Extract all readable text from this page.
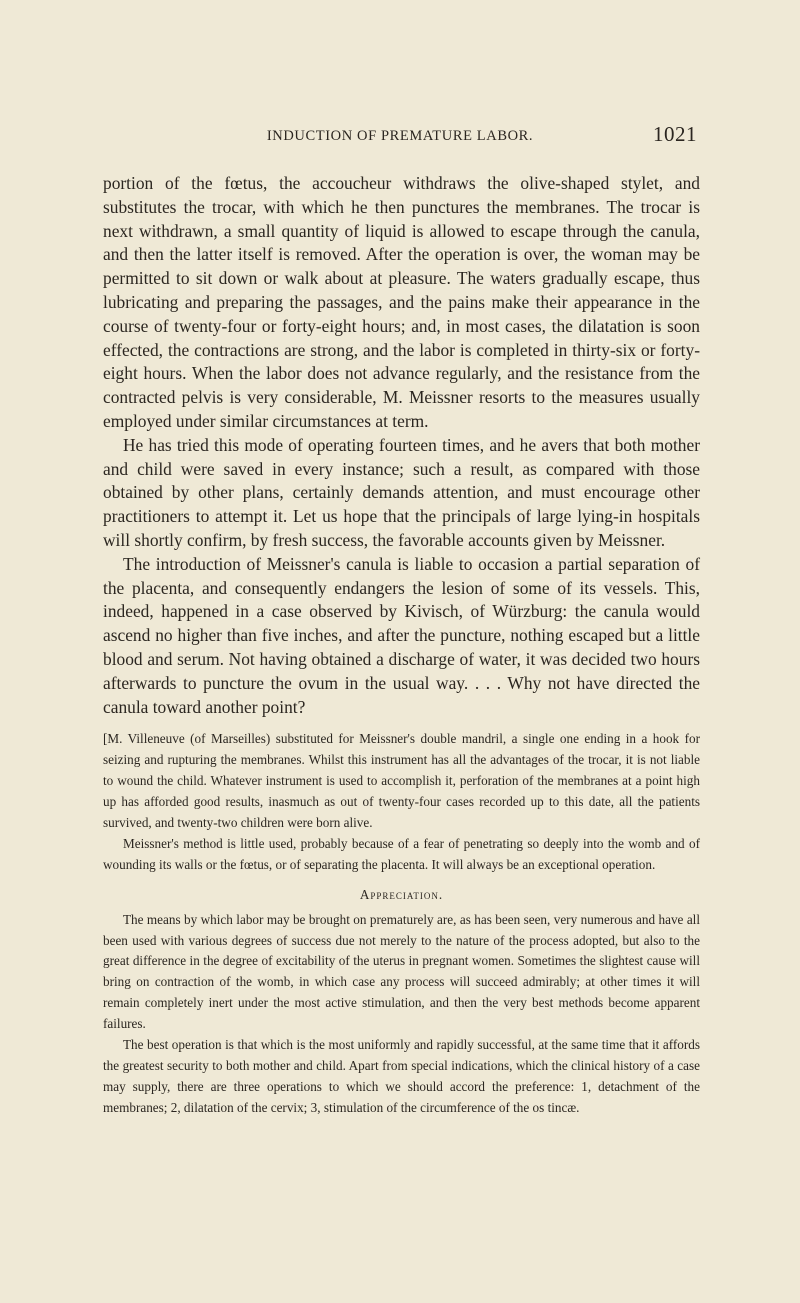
INDUCTION OF PREMATURE LABOR.	1021

portion of the fœtus, the accoucheur withdraws the olive-shaped stylet, and substitutes the trocar, with which he then punctures the membranes. The trocar is next withdrawn, a small quantity of liquid is allowed to escape through the canula, and then the latter itself is removed. After the operation is over, the woman may be permitted to sit down or walk about at pleasure. The waters gradually escape, thus lubricating and preparing the passages, and the pains make their appearance in the course of twenty-four or forty-eight hours; and, in most cases, the dilatation is soon effected, the contractions are strong, and the labor is completed in thirty-six or forty-eight hours. When the labor does not advance regularly, and the resistance from the contracted pelvis is very considerable, M. Meissner resorts to the measures usually employed under similar circumstances at term.

He has tried this mode of operating fourteen times, and he avers that both mother and child were saved in every instance; such a result, as compared with those obtained by other plans, certainly demands attention, and must encourage other practitioners to attempt it. Let us hope that the principals of large lying-in hospitals will shortly confirm, by fresh success, the favorable accounts given by Meissner.

The introduction of Meissner's canula is liable to occasion a partial separation of the placenta, and consequently endangers the lesion of some of its vessels. This, indeed, happened in a case observed by Kivisch, of Würzburg: the canula would ascend no higher than five inches, and after the puncture, nothing escaped but a little blood and serum. Not having obtained a discharge of water, it was decided two hours afterwards to puncture the ovum in the usual way. . . . Why not have directed the canula toward another point?

[M. Villeneuve (of Marseilles) substituted for Meissner's double mandril, a single one ending in a hook for seizing and rupturing the membranes. Whilst this instrument has all the advantages of the trocar, it is not liable to wound the child. Whatever instrument is used to accomplish it, perforation of the membranes at a point high up has afforded good results, inasmuch as out of twenty-four cases recorded up to this date, all the patients survived, and twenty-two children were born alive.

Meissner's method is little used, probably because of a fear of penetrating so deeply into the womb and of wounding its walls or the fœtus, or of separating the placenta. It will always be an exceptional operation.

Appreciation.

The means by which labor may be brought on prematurely are, as has been seen, very numerous and have all been used with various degrees of success due not merely to the nature of the process adopted, but also to the great difference in the degree of excitability of the uterus in pregnant women. Sometimes the slightest cause will bring on contraction of the womb, in which case any process will succeed admirably; at other times it will remain completely inert under the most active stimulation, and then the very best methods become apparent failures.

The best operation is that which is the most uniformly and rapidly successful, at the same time that it affords the greatest security to both mother and child. Apart from special indications, which the clinical history of a case may supply, there are three operations to which we should accord the preference: 1, detachment of the membranes; 2, dilatation of the cervix; 3, stimulation of the circumference of the os tincæ.
